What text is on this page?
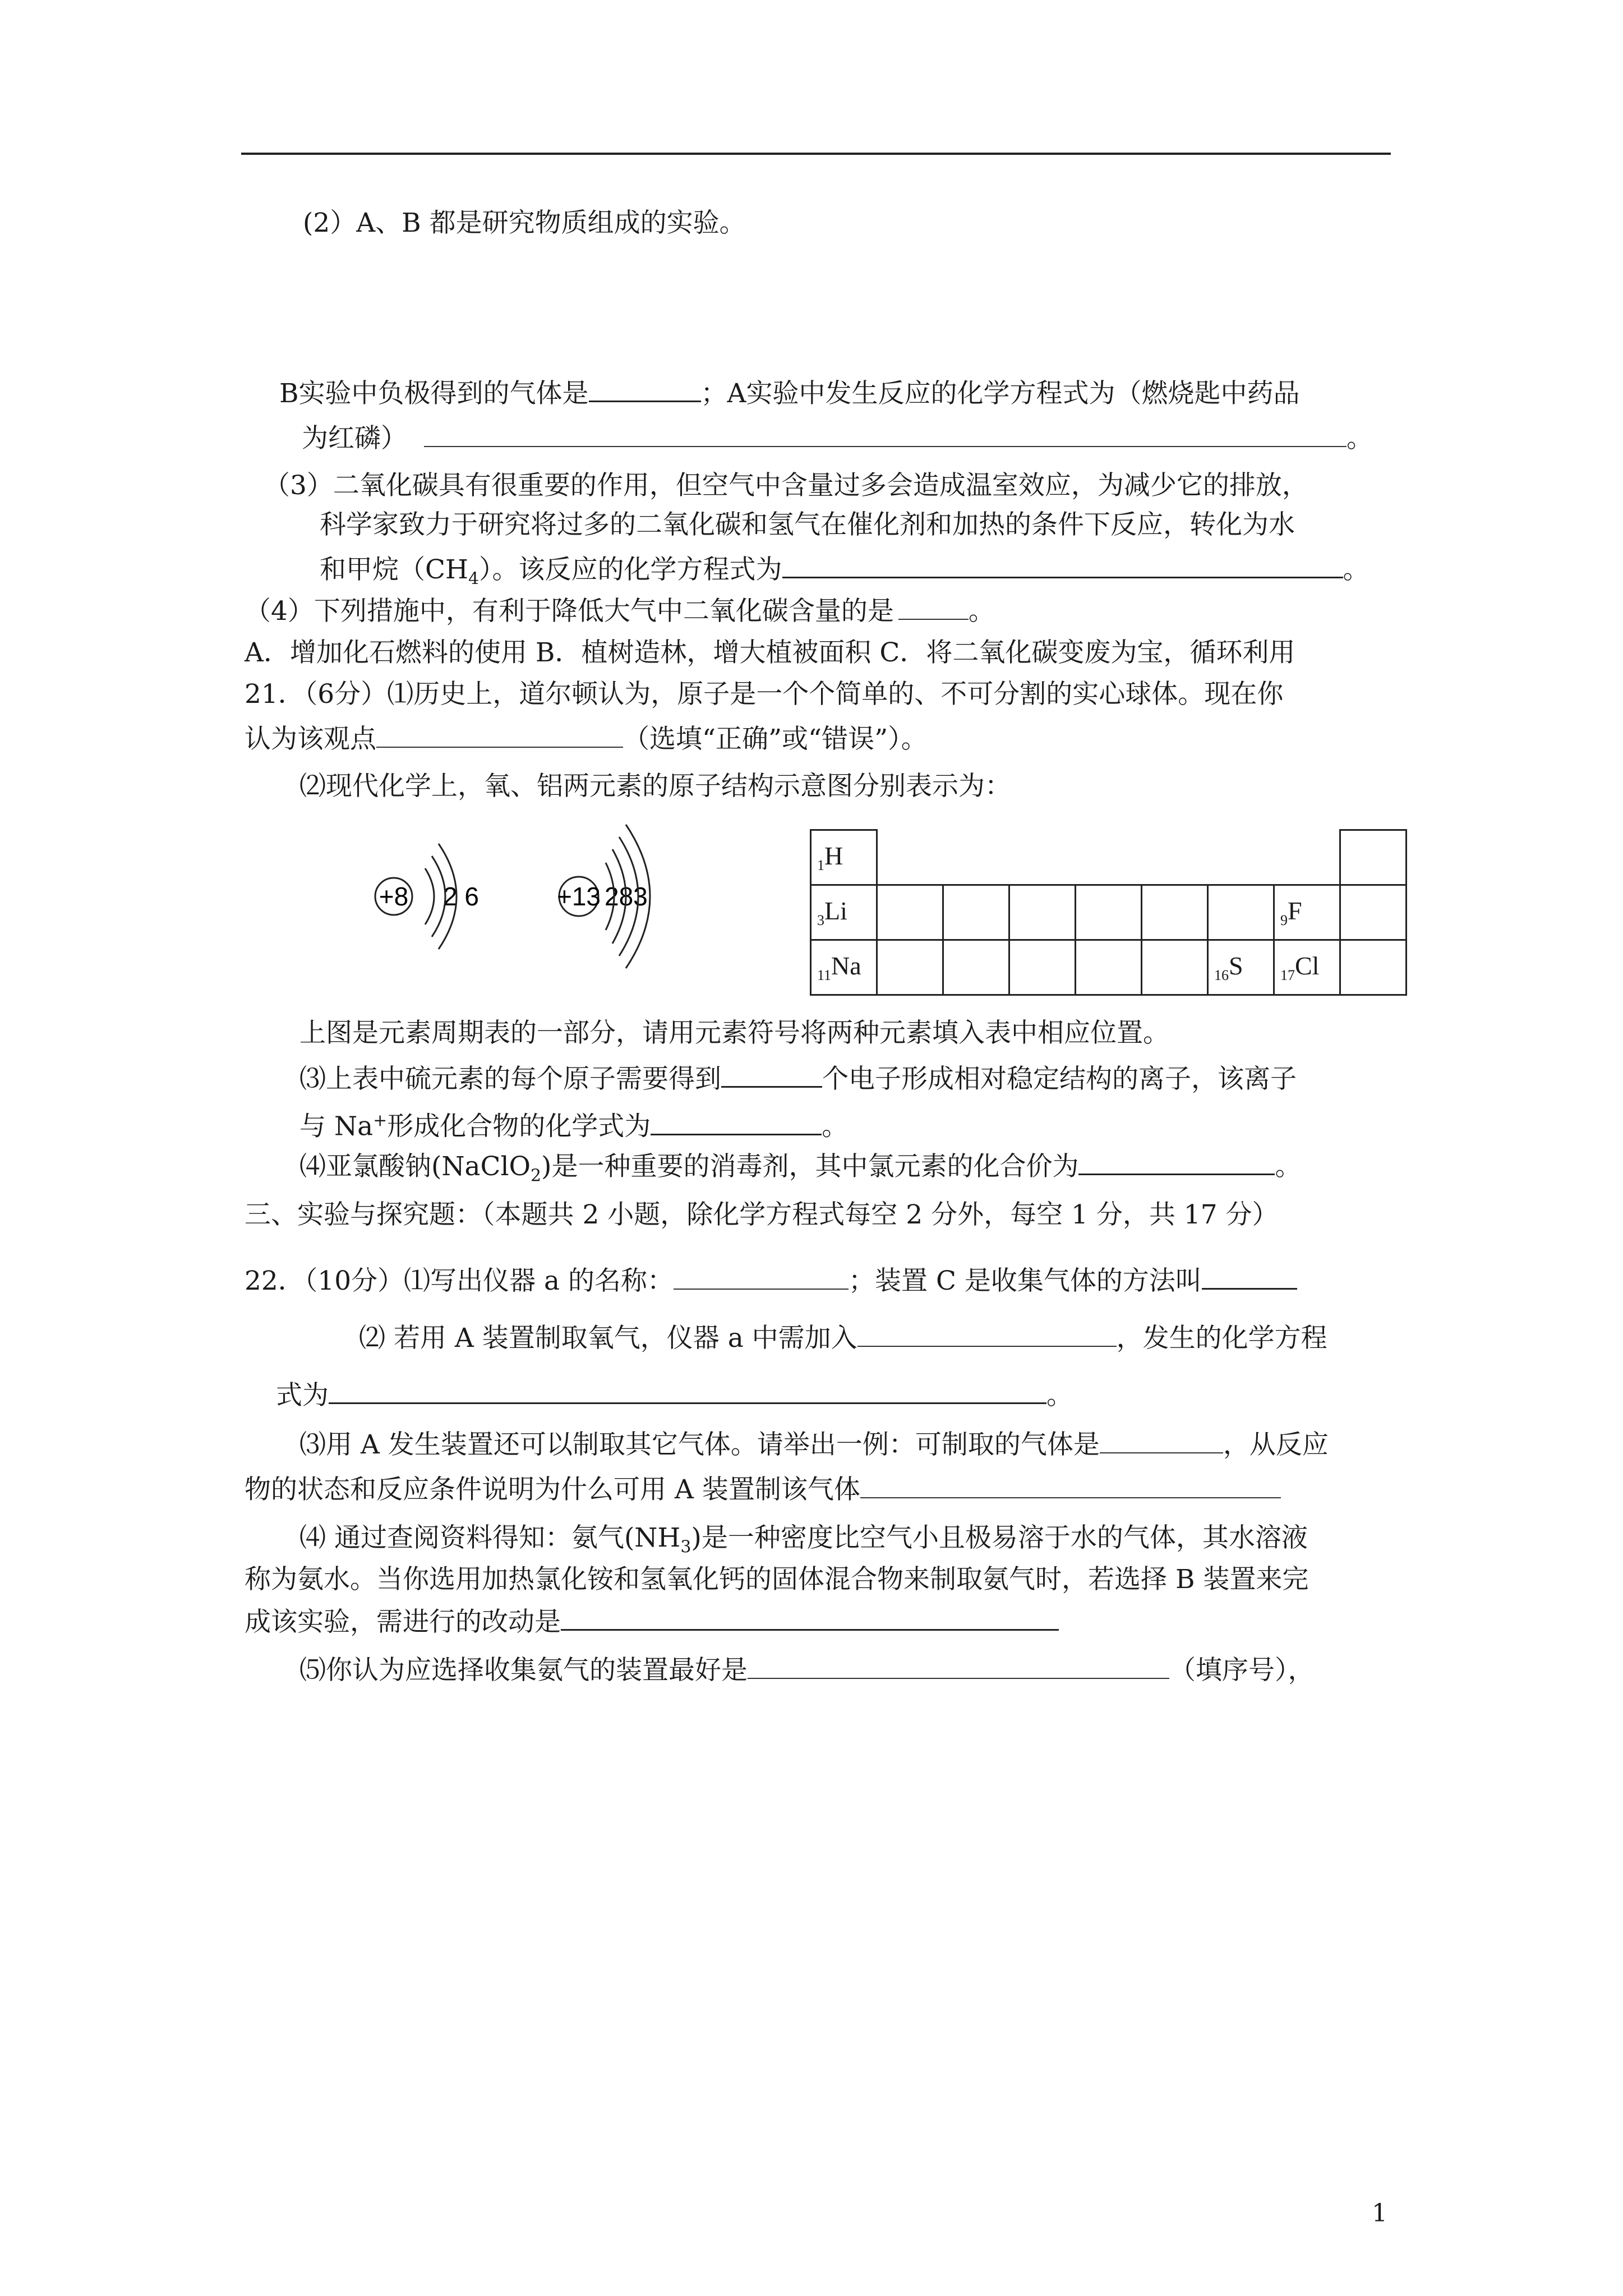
(2）A、B 都是研究物质组成的实验。
B实验中负极得到的气体是	；A实验中发生反应的化学方程式为（燃烧匙中药品
为红磷）	。
（3）二氧化碳具有很重要的作用，但空气中含量过多会造成温室效应，为减少它的排放，
科学家致力于研究将过多的二氧化碳和氢气在催化剂和加热的条件下反应，转化为水
和甲烷$(CH_4)$。该反应的化学方程式为	。
（4）下列措施中，有利于降低大气中二氧化碳含量的是	。
A．增加化石燃料的使用 B．植树造林，增大植被面积 C．将二氧化碳变废为宝，循环利用
21．（6分）⑴历史上，道尔顿认为，原子是一个个简单的、不可分割的实心球体。现在你
认为该观点	（选填“正确”或“错误”）。
⑵现代化学上，氧、铝两元素的原子结构示意图分别表示为：
+8 2 6	+13 283
$_1$H								
$_3$Li							$_9$F	
$_{11}$Na						$_{16}$S	$_{17}$Cl	
上图是元素周期表的一部分，请用元素符号将两种元素填入表中相应位置。
⑶上表中硫元素的每个原子需要得到	个电子形成相对稳定结构的离子，该离子
与 Na+形成化合物的化学式为	。
⑷亚氯酸钠(NaClO$_2$)是一种重要的消毒剂，其中氯元素的化合价为	。
三、实验与探究题：（本题共 2 小题，除化学方程式每空 2 分外，每空 1 分，共 17 分）
22．（10分）⑴写出仪器 a 的名称：	；装置 C 是收集气体的方法叫
⑵ 若用 A 装置制取氧气，仪器 a 中需加入	，发生的化学方程
式为	。
⑶用 A 发生装置还可以制取其它气体。请举出一例：可制取的气体是	，从反应
物的状态和反应条件说明为什么可用 A 装置制该气体
⑷ 通过查阅资料得知：氨气$(NH_3)$是一种密度比空气小且极易溶于水的气体，其水溶液
称为氨水。当你选用加热氯化铵和氢氧化钙的固体混合物来制取氨气时，若选择 B 装置来完
成该实验，需进行的改动是
⑸你认为应选择收集氨气的装置最好是	（填序号），
1
